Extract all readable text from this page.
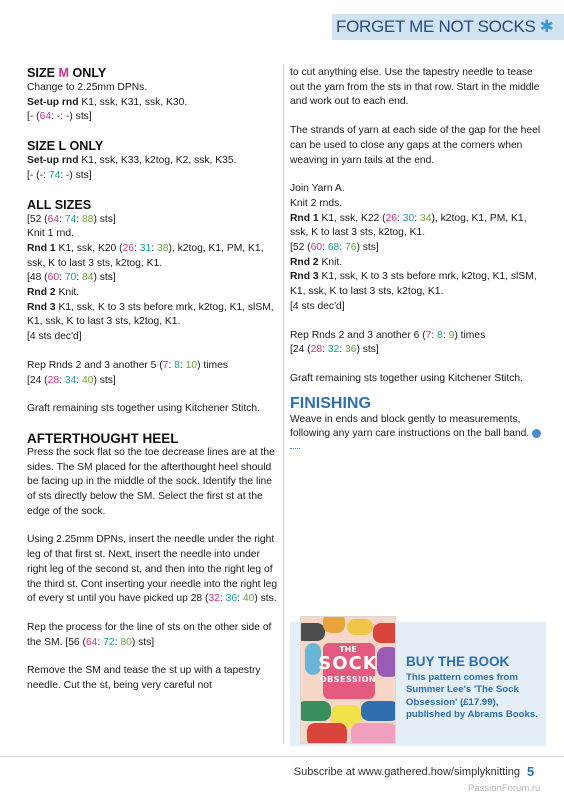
FORGET ME NOT SOCKS ✱

SIZE M ONLY

Change to 2.25mm DPNs.

Set-up rnd K1, ssk, K31, ssk, K30.

[- (64: -: -) sts]

SIZE L ONLY

Set-up rnd K1, ssk, K33, k2tog, K2, ssk, K35.

[- (-: 74: -) sts]

ALL SIZES

[52 (64: 74: 88) sts]

Knit 1 rnd.

Rnd 1 K1, ssk, K20 (26: 31: 38), k2tog, K1, PM, K1, ssk, K to last 3 sts, k2tog, K1.

[48 (60: 70: 84) sts]

Rnd 2 Knit.

Rnd 3 K1, ssk, K to 3 sts before mrk, k2tog, K1, slSM, K1, ssk, K to last 3 sts, k2tog, K1.

[4 sts dec'd]

Rep Rnds 2 and 3 another 5 (7: 8: 10) times

[24 (28: 34: 40) sts]

Graft remaining sts together using Kitchener Stitch.

AFTERTHOUGHT HEEL

Press the sock flat so the toe decrease lines are at the sides. The SM placed for the afterthought heel should be facing up in the middle of the sock. Identify the line of sts directly below the SM. Select the first st at the edge of the sock.

Using 2.25mm DPNs, insert the needle under the right leg of that first st. Next, insert the needle into under right leg of the second st, and then into the right leg of the third st. Cont inserting your needle into the right leg of every st until you have picked up 28 (32: 36: 40) sts.

Rep the process for the line of sts on the other side of the SM. [56 (64: 72: 80) sts]

Remove the SM and tease the st up with a tapestry needle. Cut the st, being very careful not

to cut anything else. Use the tapestry needle to tease out the yarn from the sts in that row. Start in the middle and work out to each end.

The strands of yarn at each side of the gap for the heel can be used to close any gaps at the corners when weaving in yarn tails at the end.

Join Yarn A.

Knit 2 rnds.

Rnd 1 K1, ssk, K22 (26: 30: 34), k2tog, K1, PM, K1, ssk, K to last 3 sts, k2tog, K1.

[52 (60: 68: 76) sts]

Rnd 2 Knit.

Rnd 3 K1, ssk, K to 3 sts before mrk, k2tog, K1, slSM, K1, ssk, K to last 3 sts, k2tog, K1.

[4 sts dec'd]

Rep Rnds 2 and 3 another 6 (7: 8: 9) times

[24 (28: 32: 36) sts]

Graft remaining sts together using Kitchener Stitch.

FINISHING

Weave in ends and block gently to measurements, following any yarn care instructions on the ball band.

THE
SOCK
OBSESSION
BUY THE BOOK
This pattern comes from Summer Lee's 'The Sock Obsession' (£17.99), published by Abrams Books.
Subscribe at www.gathered.how/simplyknitting 5
PassionForum.ru
